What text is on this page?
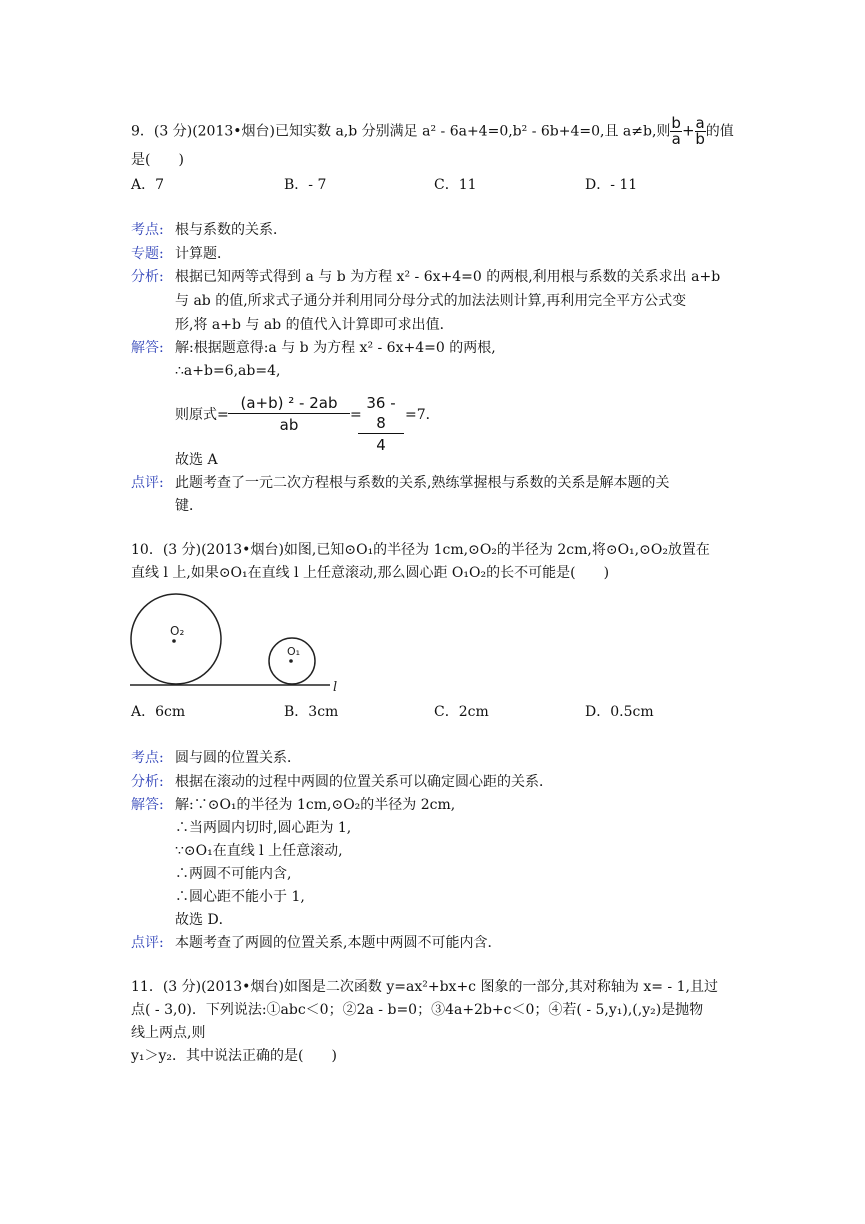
9．(3 分)(2013•烟台)已知实数 a,b 分别满足 a² - 6a+4=0,b² - 6b+4=0,且 a≠b,则 $\frac{b}{a} + \frac{a}{b}$ 的值
是(　　)
A．7	B．- 7	C．11	D．- 11
考点: 根与系数的关系．
专题: 计算题．
分析: 根据已知两等式得到 a 与 b 为方程 x² - 6x+4=0 的两根,利用根与系数的关系求出 a+b
与 ab 的值,所求式子通分并利用同分母分式的加法法则计算,再利用完全平方公式变
形,将 a+b 与 ab 的值代入计算即可求出值．
解答: 解:根据题意得:a 与 b 为方程 x² - 6x+4=0 的两根,
∴a+b=6,ab=4,
则原式=
(a+b) ² - 2ab
ab
=
36 - 8
4
=7．
故选 A
点评: 此题考查了一元二次方程根与系数的关系,熟练掌握根与系数的关系是解本题的关
键．
10．(3 分)(2013•烟台)如图,已知⊙O₁的半径为 1cm,⊙O₂的半径为 2cm,将⊙O₁,⊙O₂放置在
直线 l 上,如果⊙O₁在直线 l 上任意滚动,那么圆心距 O₁O₂的长不可能是(　　)
O₂
O₁
l
A．6cm	B．3cm	C．2cm	D．0.5cm
考点: 圆与圆的位置关系．
分析: 根据在滚动的过程中两圆的位置关系可以确定圆心距的关系．
解答: 解:∵⊙O₁的半径为 1cm,⊙O₂的半径为 2cm,
∴当两圆内切时,圆心距为 1,
∵⊙O₁在直线 l 上任意滚动,
∴两圆不可能内含,
∴圆心距不能小于 1,
故选 D．
点评: 本题考查了两圆的位置关系,本题中两圆不可能内含．
11．(3 分)(2013•烟台)如图是二次函数 y=ax²+bx+c 图象的一部分,其对称轴为 x= - 1,且过
点( - 3,0)．下列说法:①abc＜0；②2a - b=0；③4a+2b+c＜0；④若( - 5,y₁),(,y₂)是抛物
线上两点,则
y₁＞y₂．其中说法正确的是(　　)
